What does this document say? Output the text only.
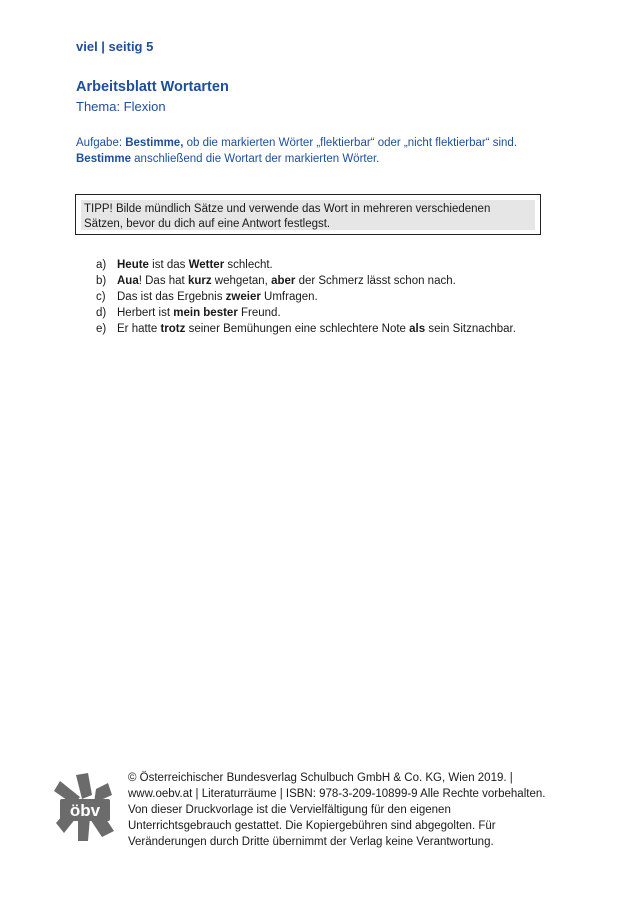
viel | seitig 5
Arbeitsblatt Wortarten
Thema: Flexion
Aufgabe: Bestimme, ob die markierten Wörter „flektierbar“ oder „nicht flektierbar“ sind.
Bestimme anschließend die Wortart der markierten Wörter.
TIPP! Bilde mündlich Sätze und verwende das Wort in mehreren verschiedenen Sätzen, bevor du dich auf eine Antwort festlegst.
a) Heute ist das Wetter schlecht.
b) Aua! Das hat kurz wehgetan, aber der Schmerz lässt schon nach.
c) Das ist das Ergebnis zweier Umfragen.
d) Herbert ist mein bester Freund.
e) Er hatte trotz seiner Bemühungen eine schlechtere Note als sein Sitznachbar.
öbv
© Österreichischer Bundesverlag Schulbuch GmbH & Co. KG, Wien 2019. | www.oebv.at | Literaturräume | ISBN: 978-3-209-10899-9 Alle Rechte vorbehalten. Von dieser Druckvorlage ist die Vervielfältigung für den eigenen Unterrichtsgebrauch gestattet. Die Kopiergebühren sind abgegolten. Für Veränderungen durch Dritte übernimmt der Verlag keine Verantwortung.
